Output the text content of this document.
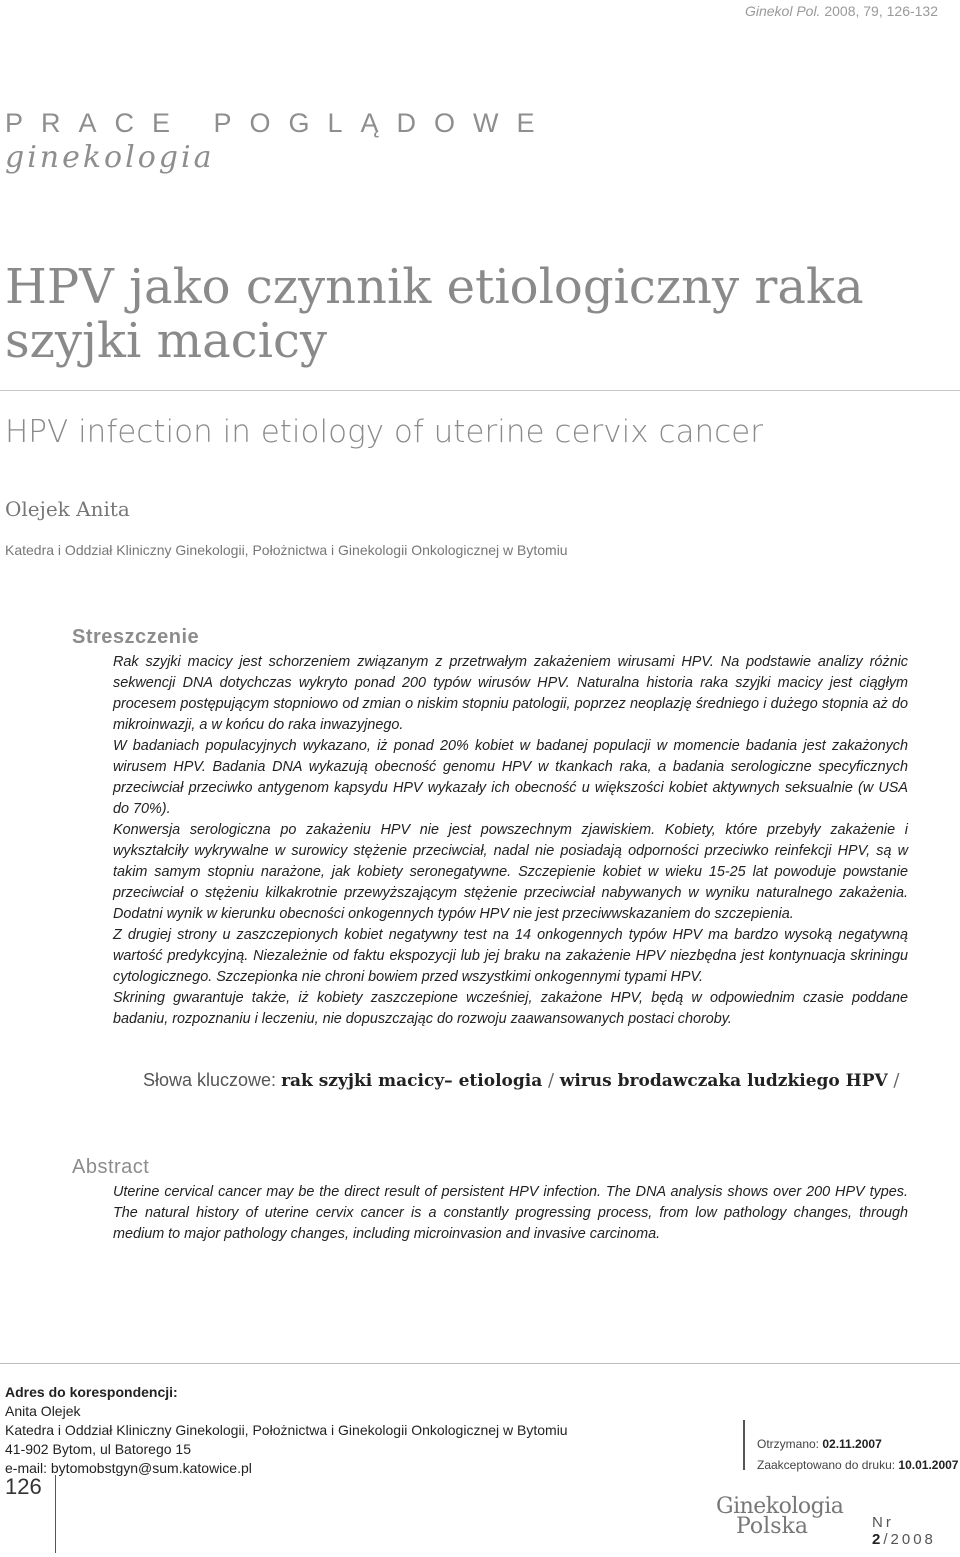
Ginekol Pol. 2008, 79, 126-132
PRACE POGLĄDOWE
ginekologia
HPV jako czynnik etiologiczny raka
szyjki macicy
HPV infection in etiology of uterine cervix cancer
Olejek Anita
Katedra i Oddział Kliniczny Ginekologii, Położnictwa i Ginekologii Onkologicznej w Bytomiu
Streszczenie

Rak szyjki macicy jest schorzeniem związanym z przetrwałym zakażeniem wirusami HPV. Na podstawie analizy różnic sekwencji DNA dotychczas wykryto ponad 200 typów wirusów HPV. Naturalna historia raka szyjki macicy jest ciągłym procesem postępującym stopniowo od zmian o niskim stopniu patologii, poprzez neoplazję średniego i dużego stopnia aż do mikroinwazji, a w końcu do raka inwazyjnego.

W badaniach populacyjnych wykazano, iż ponad 20% kobiet w badanej populacji w momencie badania jest zakażonych wirusem HPV. Badania DNA wykazują obecność genomu HPV w tkankach raka, a badania serologiczne specyficznych przeciwciał przeciwko antygenom kapsydu HPV wykazały ich obecność u większości kobiet aktywnych seksualnie (w USA do 70%).

Konwersja serologiczna po zakażeniu HPV nie jest powszechnym zjawiskiem. Kobiety, które przebyły zakażenie i wykształciły wykrywalne w surowicy stężenie przeciwciał, nadal nie posiadają odporności przeciwko reinfekcji HPV, są w takim samym stopniu narażone, jak kobiety seronegatywne. Szczepienie kobiet w wieku 15-25 lat powoduje powstanie przeciwciał o stężeniu kilkakrotnie przewyższającym stężenie przeciwciał nabywanych w wyniku naturalnego zakażenia. Dodatni wynik w kierunku obecności onkogennych typów HPV nie jest przeciwwskazaniem do szczepienia.

Z drugiej strony u zaszczepionych kobiet negatywny test na 14 onkogennych typów HPV ma bardzo wysoką negatywną wartość predykcyjną. Niezależnie od faktu ekspozycji lub jej braku na zakażenie HPV niezbędna jest kontynuacja skriningu cytologicznego. Szczepionka nie chroni bowiem przed wszystkimi onkogennymi typami HPV.

Skrining gwarantuje także, iż kobiety zaszczepione wcześniej, zakażone HPV, będą w odpowiednim czasie poddane badaniu, rozpoznaniu i leczeniu, nie dopuszczając do rozwoju zaawansowanych postaci choroby.

Słowa kluczowe: rak szyjki macicy– etiologia / wirus brodawczaka ludzkiego HPV /
Abstract

Uterine cervical cancer may be the direct result of persistent HPV infection. The DNA analysis shows over 200 HPV types. The natural history of uterine cervix cancer is a constantly progressing process, from low pathology changes, through medium to major pathology changes, including microinvasion and invasive carcinoma.

Adres do korespondencji:
Anita Olejek
Katedra i Oddział Kliniczny Ginekologii, Położnictwa i Ginekologii Onkologicznej w Bytomiu
41-902 Bytom, ul Batorego 15
e-mail: bytomobstgyn@sum.katowice.pl
Otrzymano: 02.11.2007
Zaakceptowano do druku: 10.01.2007
126
Ginekologia
Polska	Nr 2/2008
